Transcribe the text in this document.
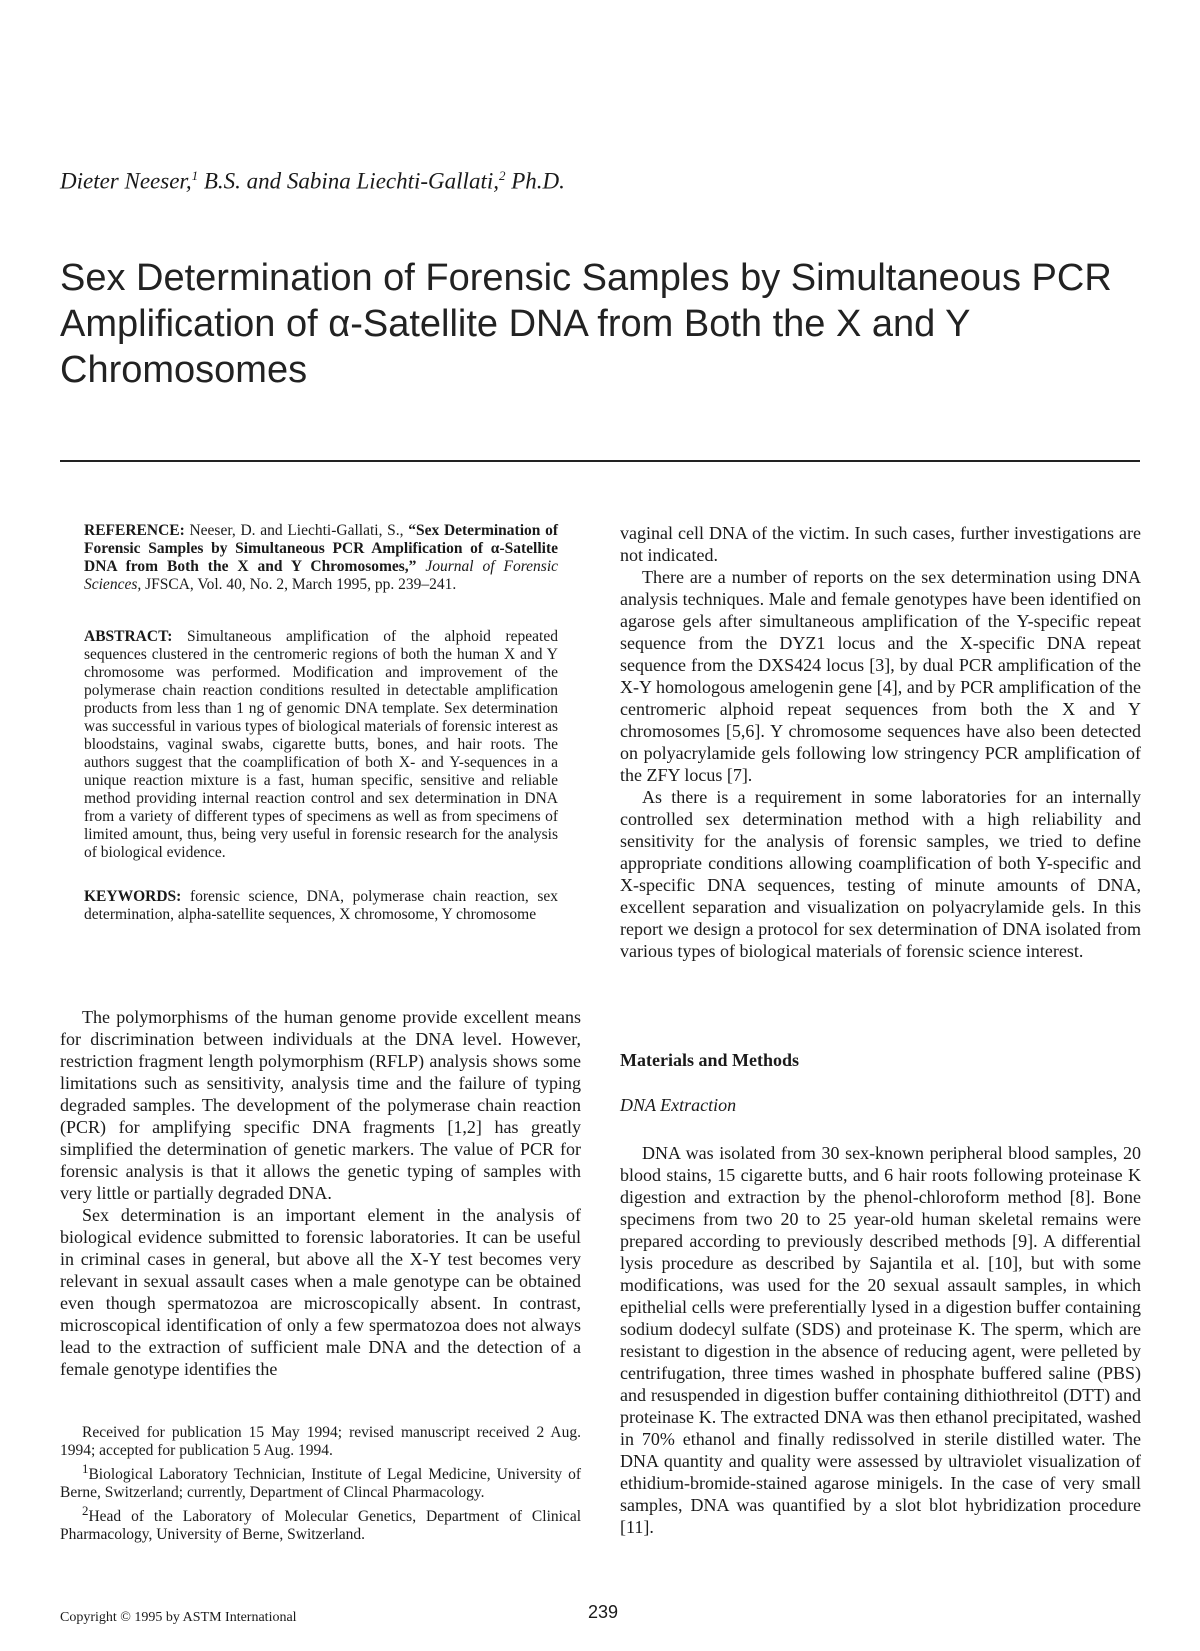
Dieter Neeser,$^1$ B.S. and Sabina Liechti-Gallati,$^2$ Ph.D.
Sex Determination of Forensic Samples by Simultaneous PCR Amplification of α-Satellite DNA from Both the X and Y Chromosomes

REFERENCE: Neeser, D. and Liechti-Gallati, S., “Sex Determination of Forensic Samples by Simultaneous PCR Amplification of α-Satellite DNA from Both the X and Y Chromosomes,” Journal of Forensic Sciences, JFSCA, Vol. 40, No. 2, March 1995, pp. 239–241.

ABSTRACT: Simultaneous amplification of the alphoid repeated sequences clustered in the centromeric regions of both the human X and Y chromosome was performed. Modification and improvement of the polymerase chain reaction conditions resulted in detectable amplification products from less than 1 ng of genomic DNA template. Sex determination was successful in various types of biological materials of forensic interest as bloodstains, vaginal swabs, cigarette butts, bones, and hair roots. The authors suggest that the coamplification of both X- and Y-sequences in a unique reaction mixture is a fast, human specific, sensitive and reliable method providing internal reaction control and sex determination in DNA from a variety of different types of specimens as well as from specimens of limited amount, thus, being very useful in forensic research for the analysis of biological evidence.

KEYWORDS: forensic science, DNA, polymerase chain reaction, sex determination, alpha-satellite sequences, X chromosome, Y chromosome

The polymorphisms of the human genome provide excellent means for discrimination between individuals at the DNA level. However, restriction fragment length polymorphism (RFLP) analysis shows some limitations such as sensitivity, analysis time and the failure of typing degraded samples. The development of the polymerase chain reaction (PCR) for amplifying specific DNA fragments [1,2] has greatly simplified the determination of genetic markers. The value of PCR for forensic analysis is that it allows the genetic typing of samples with very little or partially degraded DNA.

Sex determination is an important element in the analysis of biological evidence submitted to forensic laboratories. It can be useful in criminal cases in general, but above all the X-Y test becomes very relevant in sexual assault cases when a male genotype can be obtained even though spermatozoa are microscopically absent. In contrast, microscopical identification of only a few spermatozoa does not always lead to the extraction of sufficient male DNA and the detection of a female genotype identifies the

Received for publication 15 May 1994; revised manuscript received 2 Aug. 1994; accepted for publication 5 Aug. 1994.

$^1$Biological Laboratory Technician, Institute of Legal Medicine, University of Berne, Switzerland; currently, Department of Clincal Pharmacology.

$^2$Head of the Laboratory of Molecular Genetics, Department of Clinical Pharmacology, University of Berne, Switzerland.

vaginal cell DNA of the victim. In such cases, further investigations are not indicated.

There are a number of reports on the sex determination using DNA analysis techniques. Male and female genotypes have been identified on agarose gels after simultaneous amplification of the Y-specific repeat sequence from the DYZ1 locus and the X-specific DNA repeat sequence from the DXS424 locus [3], by dual PCR amplification of the X-Y homologous amelogenin gene [4], and by PCR amplification of the centromeric alphoid repeat sequences from both the X and Y chromosomes [5,6]. Y chromosome sequences have also been detected on polyacrylamide gels following low stringency PCR amplification of the ZFY locus [7].

As there is a requirement in some laboratories for an internally controlled sex determination method with a high reliability and sensitivity for the analysis of forensic samples, we tried to define appropriate conditions allowing coamplification of both Y-specific and X-specific DNA sequences, testing of minute amounts of DNA, excellent separation and visualization on polyacrylamide gels. In this report we design a protocol for sex determination of DNA isolated from various types of biological materials of forensic science interest.

Materials and Methods
DNA Extraction

DNA was isolated from 30 sex-known peripheral blood samples, 20 blood stains, 15 cigarette butts, and 6 hair roots following proteinase K digestion and extraction by the phenol-chloroform method [8]. Bone specimens from two 20 to 25 year-old human skeletal remains were prepared according to previously described methods [9]. A differential lysis procedure as described by Sajantila et al. [10], but with some modifications, was used for the 20 sexual assault samples, in which epithelial cells were preferentially lysed in a digestion buffer containing sodium dodecyl sulfate (SDS) and proteinase K. The sperm, which are resistant to digestion in the absence of reducing agent, were pelleted by centrifugation, three times washed in phosphate buffered saline (PBS) and resuspended in digestion buffer containing dithiothreitol (DTT) and proteinase K. The extracted DNA was then ethanol precipitated, washed in 70% ethanol and finally redissolved in sterile distilled water. The DNA quantity and quality were assessed by ultraviolet visualization of ethidium-bromide-stained agarose minigels. In the case of very small samples, DNA was quantified by a slot blot hybridization procedure [11].

Copyright © 1995 by ASTM International	239
